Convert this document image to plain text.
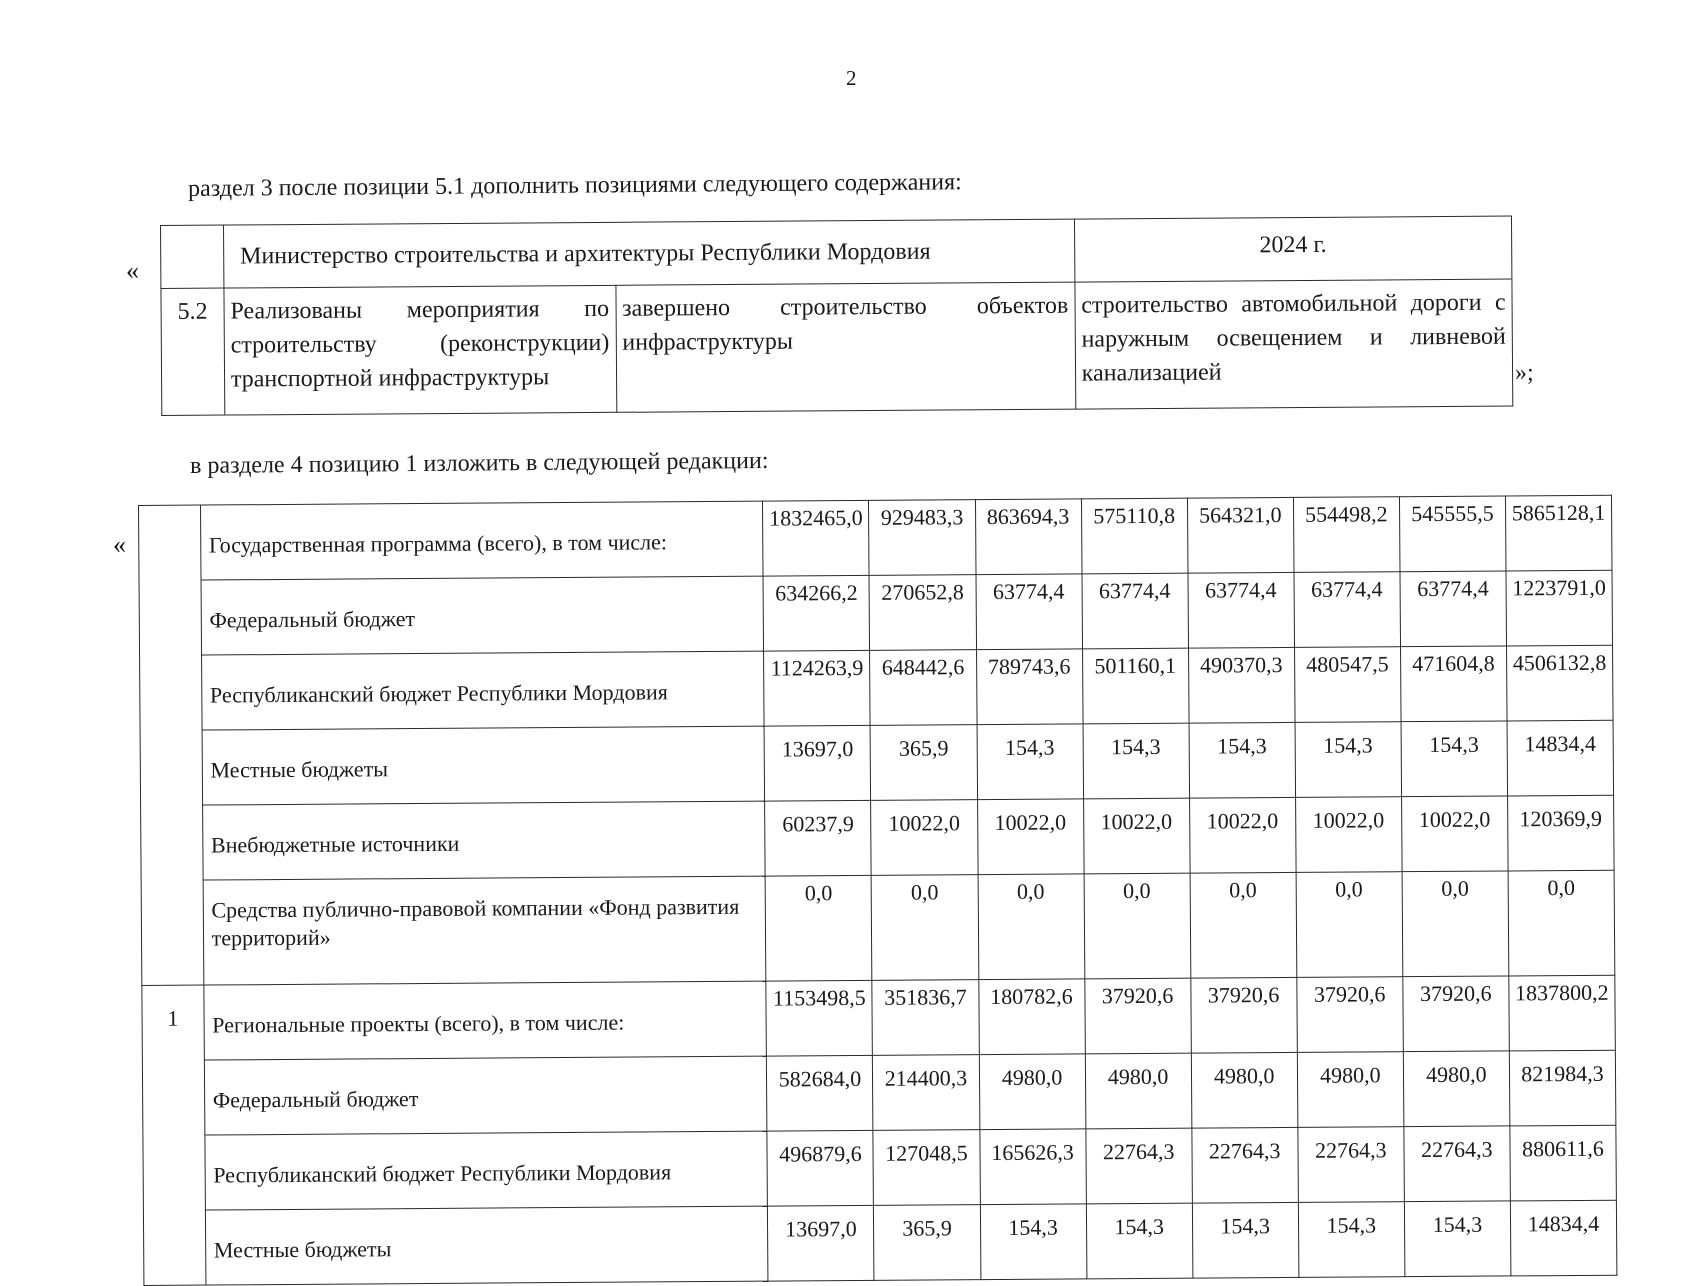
2
раздел 3 после позиции 5.1 дополнить позициями следующего содержания:
«
	Министерство строительства и архитектуры Республики Мордовия		2024 г.
5.2	Реализованы мероприятия по строительству (реконструкции) транспортной инфраструктуры	завершено строительство объектов инфраструктуры	строительство автомобильной дороги с наружным освещением и ливневой канализацией	»;
в разделе 4 позицию 1 изложить в следующей редакции:
«
		Государственная программа (всего), в том числе:	1832465,0	929483,3	863694,3	575110,8	564321,0	554498,2	545555,5	5865128,1
	Федеральный бюджет	634266,2	270652,8	63774,4	63774,4	63774,4	63774,4	63774,4	1223791,0
	Республиканский бюджет Республики Мордовия	1124263,9	648442,6	789743,6	501160,1	490370,3	480547,5	471604,8	4506132,8
	Местные бюджеты	13697,0	365,9	154,3	154,3	154,3	154,3	154,3	14834,4
	Внебюджетные источники	60237,9	10022,0	10022,0	10022,0	10022,0	10022,0	10022,0	120369,9
	Средства публично-правовой компании «Фонд развития территорий»	0,0	0,0	0,0	0,0	0,0	0,0	0,0	0,0
1	Региональные проекты (всего), в том числе:	1153498,5	351836,7	180782,6	37920,6	37920,6	37920,6	37920,6	1837800,2
	Федеральный бюджет	582684,0	214400,3	4980,0	4980,0	4980,0	4980,0	4980,0	821984,3
	Республиканский бюджет Республики Мордовия	496879,6	127048,5	165626,3	22764,3	22764,3	22764,3	22764,3	880611,6
	Местные бюджеты	13697,0	365,9	154,3	154,3	154,3	154,3	154,3	14834,4
